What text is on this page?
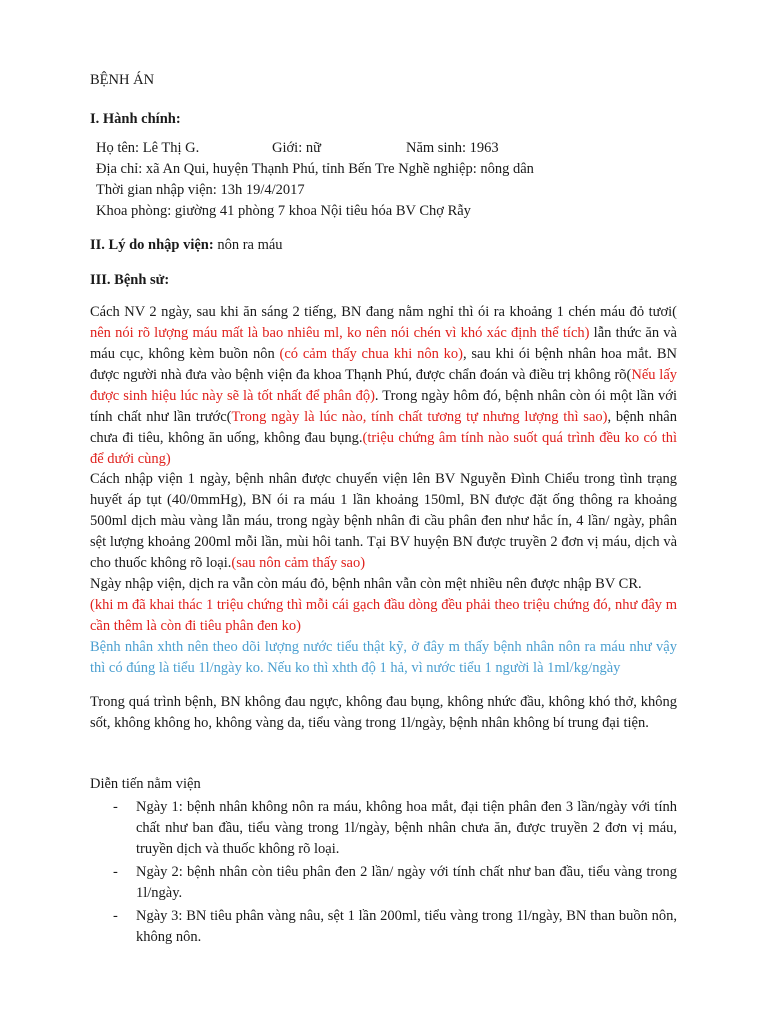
BỆNH ÁN
I. Hành chính:
Họ tên: Lê Thị G.	Giới: nữ	Năm sinh: 1963
Địa chỉ: xã An Qui, huyện Thạnh Phú, tỉnh Bến Tre Nghề nghiệp: nông dân
Thời gian nhập viện: 13h 19/4/2017
Khoa phòng: giường 41 phòng 7 khoa Nội tiêu hóa BV Chợ Rẫy
II. Lý do nhập viện: nôn ra máu
III. Bệnh sử:
Cách NV 2 ngày, sau khi ăn sáng 2 tiếng, BN đang nằm nghỉ thì ói ra khoảng 1 chén máu đỏ tươi( nên nói rõ lượng máu mất là bao nhiêu ml, ko nên nói chén vì khó xác định thể tích) lẫn thức ăn và máu cục, không kèm buồn nôn (có cảm thấy chua khi nôn ko), sau khi ói bệnh nhân hoa mắt. BN được người nhà đưa vào bệnh viện đa khoa Thạnh Phú, được chẩn đoán và điều trị không rõ(Nếu lấy được sinh hiệu lúc này sẽ là tốt nhất để phân độ). Trong ngày hôm đó, bệnh nhân còn ói một lần với tính chất như lần trước(Trong ngày là lúc nào, tính chất tương tự nhưng lượng thì sao), bệnh nhân chưa đi tiêu, không ăn uống, không đau bụng.(triệu chứng âm tính nào suốt quá trình đều ko có thì để dưới cùng)
Cách nhập viện 1 ngày, bệnh nhân được chuyển viện lên BV Nguyễn Đình Chiểu trong tình trạng huyết áp tụt (40/0mmHg), BN ói ra máu 1 lần khoảng 150ml, BN được đặt ống thông ra khoảng 500ml dịch màu vàng lẫn máu, trong ngày bệnh nhân đi cầu phân đen như hắc ín, 4 lần/ ngày, phân sệt lượng khoảng 200ml mỗi lần, mùi hôi tanh. Tại BV huyện BN được truyền 2 đơn vị máu, dịch và cho thuốc không rõ loại.(sau nôn cảm thấy sao)
Ngày nhập viện, dịch ra vẫn còn máu đỏ, bệnh nhân vẫn còn mệt nhiều nên được nhập BV CR.
(khi m đã khai thác 1 triệu chứng thì mỗi cái gạch đầu dòng đều phải theo triệu chứng đó, như đây m cần thêm là còn đi tiêu phân đen ko)
Bệnh nhân xhth nên theo dõi lượng nước tiểu thật kỹ, ở đây m thấy bệnh nhân nôn ra máu như vậy thì có đúng là tiểu 1l/ngày ko. Nếu ko thì xhth độ 1 hả, vì nước tiểu 1 người là 1ml/kg/ngày
Trong quá trình bệnh, BN không đau ngực, không đau bụng, không nhức đầu, không khó thở, không sốt, không không ho, không vàng da, tiểu vàng trong 1l/ngày, bệnh nhân không bí trung đại tiện.
Diễn tiến nằm viện
- Ngày 1: bệnh nhân không nôn ra máu, không hoa mắt, đại tiện phân đen 3 lần/ngày với tính chất như ban đầu, tiểu vàng trong 1l/ngày, bệnh nhân chưa ăn, được truyền 2 đơn vị máu, truyền dịch và thuốc không rõ loại.
- Ngày 2: bệnh nhân còn tiêu phân đen 2 lần/ ngày với tính chất như ban đầu, tiểu vàng trong 1l/ngày.
- Ngày 3: BN tiêu phân vàng nâu, sệt 1 lần 200ml, tiểu vàng trong 1l/ngày, BN than buồn nôn, không nôn.
